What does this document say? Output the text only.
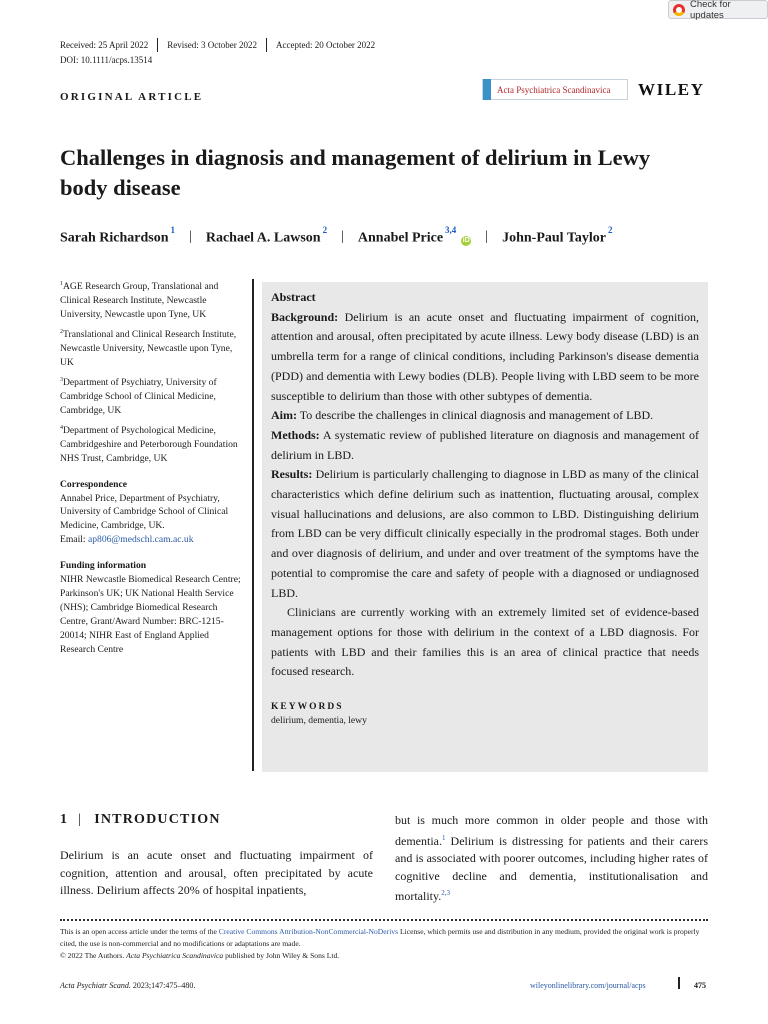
Check for updates
Received: 25 April 2022 Revised: 3 October 2022 Accepted: 20 October 2022
DOI: 10.1111/acps.13514
ORIGINAL ARTICLE
Acta Psychiatrica Scandinavica WILEY
Challenges in diagnosis and management of delirium in Lewy body disease
Sarah Richardson$^1$ | Rachael A. Lawson$^2$ | Annabel Price$^{3,4}$iD | John-Paul Taylor$^2$
$^1$AGE Research Group, Translational and Clinical Research Institute, Newcastle University, Newcastle upon Tyne, UK
$^2$Translational and Clinical Research Institute, Newcastle University, Newcastle upon Tyne, UK
$^3$Department of Psychiatry, University of Cambridge School of Clinical Medicine, Cambridge, UK
$^4$Department of Psychological Medicine, Cambridgeshire and Peterborough Foundation NHS Trust, Cambridge, UK
Correspondence
Annabel Price, Department of Psychiatry, University of Cambridge School of Clinical Medicine, Cambridge, UK.
Email: ap806@medschl.cam.ac.uk
Funding information
NIHR Newcastle Biomedical Research Centre; Parkinson's UK; UK National Health Service (NHS); Cambridge Biomedical Research Centre, Grant/Award Number: BRC-1215-20014; NIHR East of England Applied Research Centre

Abstract

Background: Delirium is an acute onset and fluctuating impairment of cognition, attention and arousal, often precipitated by acute illness. Lewy body disease (LBD) is an umbrella term for a range of clinical conditions, including Parkinson's disease dementia (PDD) and dementia with Lewy bodies (DLB). People living with LBD seem to be more susceptible to delirium than those with other subtypes of dementia.

Aim: To describe the challenges in clinical diagnosis and management of LBD.

Methods: A systematic review of published literature on diagnosis and management of delirium in LBD.

Results: Delirium is particularly challenging to diagnose in LBD as many of the clinical characteristics which define delirium such as inattention, fluctuating arousal, complex visual hallucinations and delusions, are also common to LBD. Distinguishing delirium from LBD can be very difficult clinically especially in the prodromal stages. Both under and over diagnosis of delirium, and under and over treatment of the symptoms have the potential to compromise the care and safety of people with a diagnosed or undiagnosed LBD.

Clinicians are currently working with an extremely limited set of evidence-based management options for those with delirium in the context of a LBD diagnosis. For patients with LBD and their families this is an area of clinical practice that needs focused research.

KEYWORDS

delirium, dementia, lewy

1 | INTRODUCTION
Delirium is an acute onset and fluctuating impairment of cognition, attention and arousal, often precipitated by acute illness. Delirium affects 20% of hospital inpatients,
but is much more common in older people and those with dementia.$^1$ Delirium is distressing for patients and their carers and is associated with poorer outcomes, including higher rates of cognitive decline and dementia, institutionalisation and mortality.$^{2,3}$
This is an open access article under the terms of the Creative Commons Attribution-NonCommercial-NoDerivs License, which permits use and distribution in any medium, provided the original work is properly cited, the use is non-commercial and no modifications or adaptations are made.
© 2022 The Authors. Acta Psychiatrica Scandinavica published by John Wiley & Sons Ltd.
Acta Psychiatr Scand. 2023;147:475–480.	wileyonlinelibrary.com/journal/acps	475
